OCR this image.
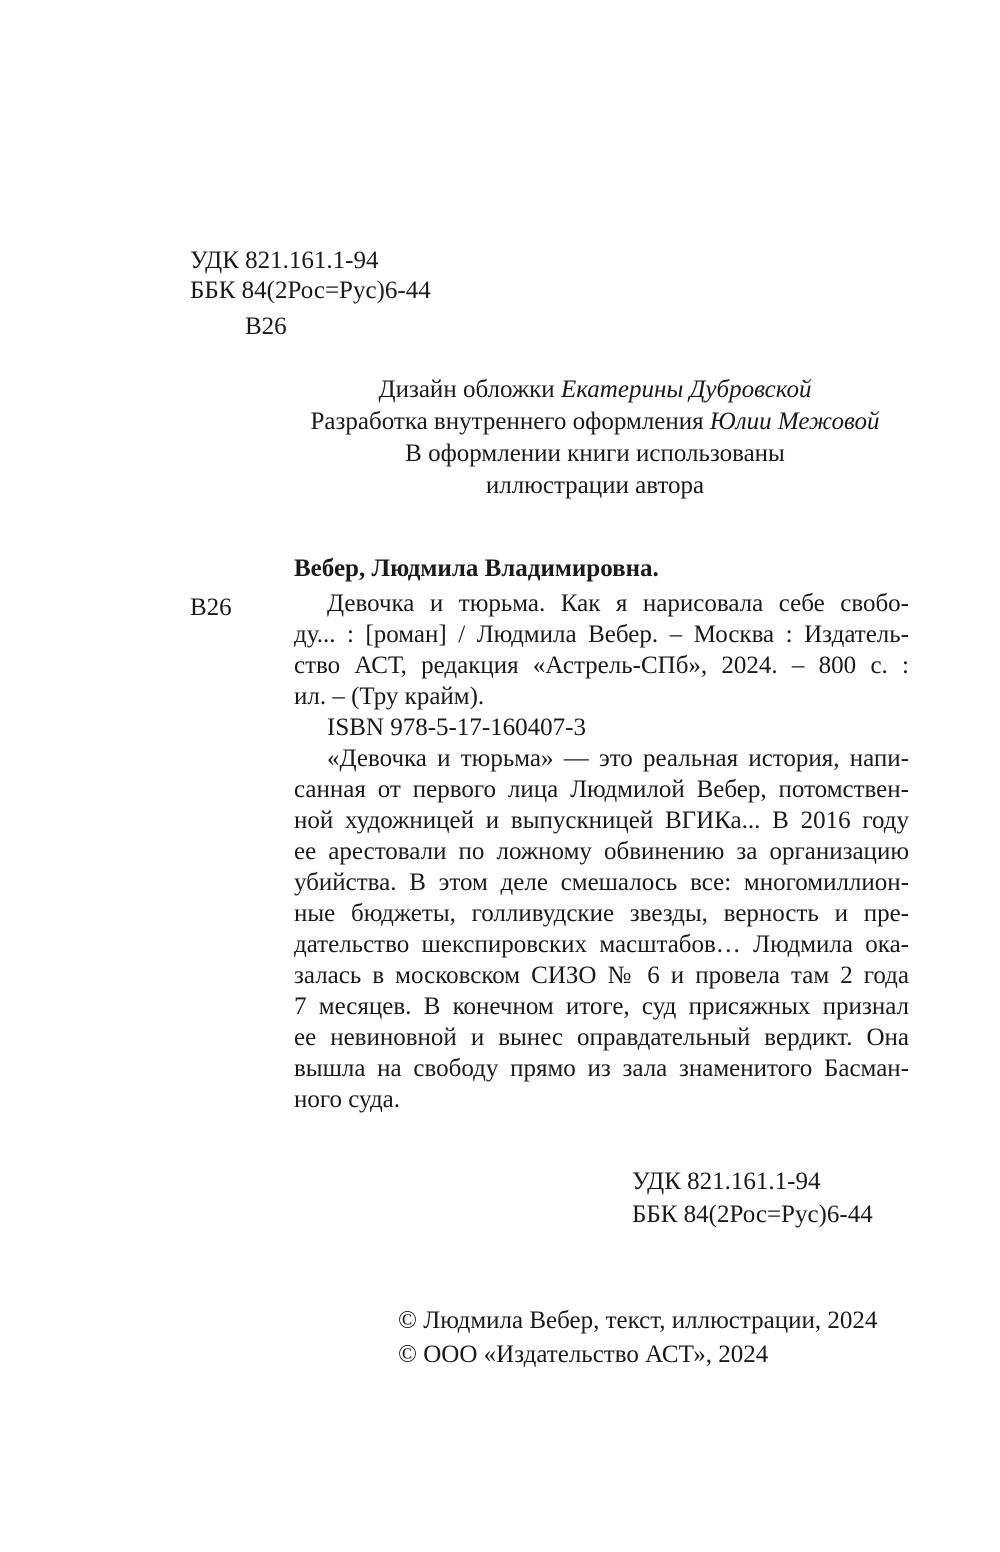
УДК 821.161.1-94
ББК 84(2Рос=Рус)6-44
В26
Дизайн обложки Екатерины Дубровской
Разработка внутреннего оформления Юлии Межовой
В оформлении книги использованы
иллюстрации автора
Вебер, Людмила Владимировна.
В26	Девочка и тюрьма. Как я нарисовала себе свобо-
ду... : [роман] / Людмила Вебер. – Москва : Издатель-
ство АСТ, редакция «Астрель-СПб», 2024. – 800 с. :
ил. – (Тру крайм).
ISBN 978-5-17-160407-3
«Девочка и тюрьма» — это реальная история, напи-
санная от первого лица Людмилой Вебер, потомствен-
ной художницей и выпускницей ВГИКа... В 2016 году
ее арестовали по ложному обвинению за организацию
убийства. В этом деле смешалось все: многомиллион-
ные бюджеты, голливудские звезды, верность и пре-
дательство шекспировских масштабов… Людмила ока-
залась в московском СИЗО № 6 и провела там 2 года
7 месяцев. В конечном итоге, суд присяжных признал
ее невиновной и вынес оправдательный вердикт. Она
вышла на свободу прямо из зала знаменитого Басман-
ного суда.
УДК 821.161.1-94
ББК 84(2Рос=Рус)6-44
© Людмила Вебер, текст, иллюстрации, 2024
© ООО «Издательство АСТ», 2024
